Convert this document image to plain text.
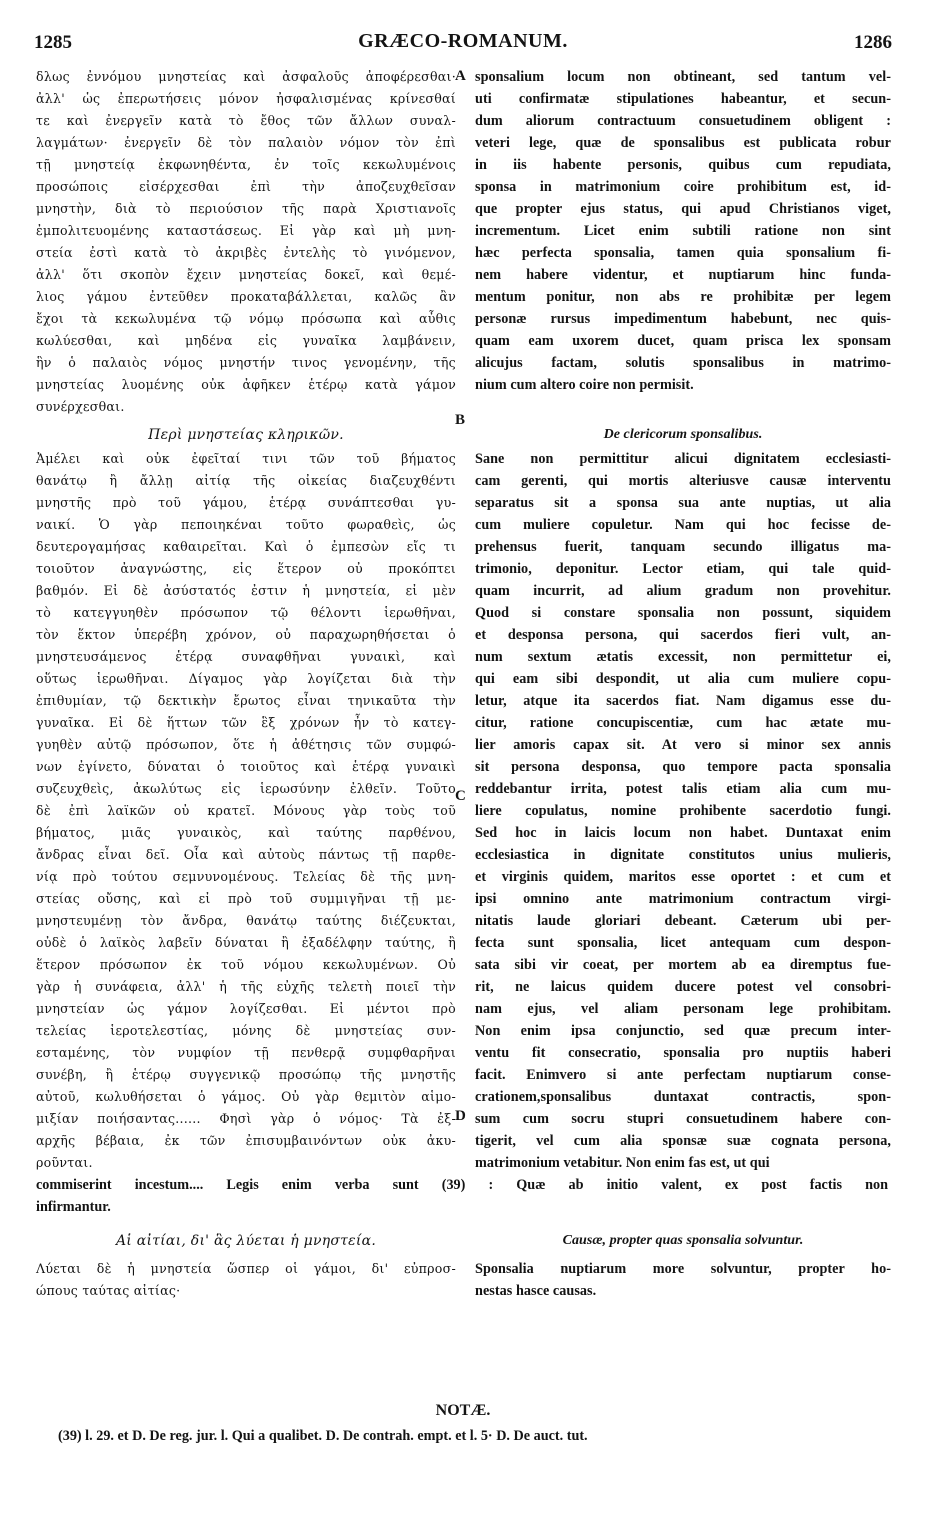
1285	GRÆCO-ROMANUM.	1286
δλως ἐννόμου μνηστείας καὶ ἀσφαλοῦς ἀποφέρεσθαι·
ἀλλ' ὡς ἐπερωτήσεις μόνον ἠσφαλισμένας κρίνεσθαί
τε καὶ ἐνεργεῖν κατὰ τὸ ἔθος τῶν ἄλλων συναλ-
λαγμάτων· ἐνεργεῖν δὲ τὸν παλαιὸν νόμον τὸν ἐπὶ
τῇ μνηστείᾳ ἐκφωνηθέντα, ἐν τοῖς κεκωλυμένοις
προσώποις εἰσέρχεσθαι ἐπὶ τὴν ἀποζευχθεῖσαν
μνηστὴν, διὰ τὸ περιούσιον τῆς παρὰ Χριστιανοῖς
ἐμπολιτευομένης καταστάσεως. Εἰ γὰρ καὶ μὴ μνη-
στεία ἐστὶ κατὰ τὸ ἀκριβὲς ἐντελὴς τὸ γινόμενον,
ἀλλ' ὅτι σκοπὸν ἔχειν μνηστείας δοκεῖ, καὶ θεμέ-
λιος γάμου ἐντεῦθεν προκαταβάλλεται, καλῶς ἂν
ἔχοι τὰ κεκωλυμένα τῷ νόμῳ πρόσωπα καὶ αὖθις
κωλύεσθαι, καὶ μηδένα εἰς γυναῖκα λαμβάνειν,
ἣν ὁ παλαιὸς νόμος μνηστήν τινος γενομένην, τῆς
μνηστείας λυομένης οὐκ ἀφῆκεν ἑτέρῳ κατὰ γάμον
συνέρχεσθαι.
Περὶ μνηστείας κληρικῶν.
Ἀμέλει καὶ οὐκ ἐφεῖταί τινι τῶν τοῦ βήματος
θανάτῳ ἢ ἄλλῃ αἰτίᾳ τῆς οἰκείας διαζευχθέντι
μνηστῆς πρὸ τοῦ γάμου, ἑτέρᾳ συνάπτεσθαι γυ-
ναικί. Ὁ γὰρ πεποιηκέναι τοῦτο φωραθεὶς, ὡς
δευτερογαμήσας καθαιρεῖται. Καὶ ὁ ἐμπεσὼν εἴς τι
τοιοῦτον ἀναγνώστης, εἰς ἕτερον οὐ προκόπτει
βαθμόν. Εἰ δὲ ἀσύστατός ἐστιν ἡ μνηστεία, εἰ μὲν
τὸ κατεγγυηθὲν πρόσωπον τῷ θέλοντι ἱερωθῆναι,
τὸν ἕκτον ὑπερέβη χρόνον, οὐ παραχωρηθήσεται ὁ
μνηστευσάμενος ἑτέρᾳ συναφθῆναι γυναικὶ, καὶ
οὕτως ἱερωθῆναι. Δίγαμος γὰρ λογίζεται διὰ τὴν
ἐπιθυμίαν, τῷ δεκτικὴν ἔρωτος εἶναι τηνικαῦτα τὴν
γυναῖκα. Εἰ δὲ ἥττων τῶν ἓξ χρόνων ἦν τὸ κατεγ-
γυηθὲν αὐτῷ πρόσωπον, ὅτε ἡ ἀθέτησις τῶν συμφώ-
νων ἐγίνετο, δύναται ὁ τοιοῦτος καὶ ἑτέρᾳ γυναικὶ
συζευχθεὶς, ἀκωλύτως εἰς ἱερωσύνην ἐλθεῖν. Τοῦτο
δὲ ἐπὶ λαϊκῶν οὐ κρατεῖ. Μόνους γὰρ τοὺς τοῦ
βήματος, μιᾶς γυναικὸς, καὶ ταύτης παρθένου,
ἄνδρας εἶναι δεῖ. Οἷα καὶ αὐτοὺς πάντως τῇ παρθε-
νίᾳ πρὸ τούτου σεμνυνομένους. Τελείας δὲ τῆς μνη-
στείας οὔσης, καὶ εἰ πρὸ τοῦ συμμιγῆναι τῇ με-
μνηστευμένῃ τὸν ἄνδρα, θανάτῳ ταύτης διέζευκται,
οὐδὲ ὁ λαϊκὸς λαβεῖν δύναται ἢ ἐξαδέλφην ταύτης, ἢ
ἕτερον πρόσωπον ἐκ τοῦ νόμου κεκωλυμένων. Οὐ
γὰρ ἡ συνάφεια, ἀλλ' ἡ τῆς εὐχῆς τελετὴ ποιεῖ τὴν
μνηστείαν ὡς γάμον λογίζεσθαι. Εἰ μέντοι πρὸ
τελείας ἱεροτελεστίας, μόνης δὲ μνηστείας συν-
εσταμένης, τὸν νυμφίον τῇ πενθερᾷ συμφθαρῆναι
συνέβη, ἢ ἑτέρῳ συγγενικῷ προσώπῳ τῆς μνηστῆς
αὐτοῦ, κωλυθήσεται ὁ γάμος. Οὐ γὰρ θεμιτὸν αἱμο-
μιξίαν ποιήσαντας...... Φησὶ γὰρ ὁ νόμος· Τὰ ἐξ-
αρχῆς βέβαια, ἐκ τῶν ἐπισυμβαινόντων οὐκ ἀκυ-
ροῦνται.
sponsalium locum non obtineant, sed tantum vel-
uti confirmatæ stipulationes habeantur, et secun-
dum aliorum contractuum consuetudinem obligent :
veteri lege, quæ de sponsalibus est publicata robur
in iis habente personis, quibus cum repudiata,
sponsa in matrimonium coire prohibitum est, id-
que propter ejus status, qui apud Christianos viget,
incrementum. Licet enim subtili ratione non sint
hæc perfecta sponsalia, tamen quia sponsalium fi-
nem habere videntur, et nuptiarum hinc funda-
mentum ponitur, non abs re prohibitæ per legem
personæ rursus impedimentum habebunt, nec quis-
quam eam uxorem ducet, quam prisca lex sponsam
alicujus factam, solutis sponsalibus in matrimo-
nium cum altero coire non permisit.
De clericorum sponsalibus.
Sane non permittitur alicui dignitatem ecclesiasti-
cam gerenti, qui mortis alteriusve causæ interventu
separatus sit a sponsa sua ante nuptias, ut alia
cum muliere copuletur. Nam qui hoc fecisse de-
prehensus fuerit, tanquam secundo illigatus ma-
trimonio, deponitur. Lector etiam, qui tale quid-
quam incurrit, ad alium gradum non provehitur.
Quod si constare sponsalia non possunt, siquidem
et desponsa persona, qui sacerdos fieri vult, an-
num sextum ætatis excessit, non permittetur ei,
qui eam sibi despondit, ut alia cum muliere copu-
letur, atque ita sacerdos fiat. Nam digamus esse du-
citur, ratione concupiscentiæ, cum hac ætate mu-
lier amoris capax sit. At vero si minor sex annis
sit persona desponsa, quo tempore pacta sponsalia
reddebantur irrita, potest talis etiam alia cum mu-
liere copulatus, nomine prohibente sacerdotio fungi.
Sed hoc in laicis locum non habet. Duntaxat enim
ecclesiastica in dignitate constitutos unius mulieris,
et virginis quidem, maritos esse oportet : et cum et
ipsi omnino ante matrimonium contractum virgi-
nitatis laude gloriari debeant. Cæterum ubi per-
fecta sunt sponsalia, licet antequam cum despon-
sata sibi vir coeat, per mortem ab ea diremptus fue-
rit, ne laicus quidem ducere potest vel consobri-
nam ejus, vel aliam personam lege prohibitam.
Non enim ipsa conjunctio, sed quæ precum inter-
ventu fit consecratio, sponsalia pro nuptiis haberi
facit. Enimvero si ante perfectam nuptiarum conse-
crationem,sponsalibus duntaxat contractis, spon-
sum cum socru stupri consuetudinem habere con-
tigerit, vel cum alia sponsæ suæ cognata persona,
matrimonium vetabitur. Non enim fas est, ut qui
A
B
C
D
commiserint incestum.... Legis enim verba sunt (39) : Quæ ab initio valent, ex post factis non
infirmantur.
Αἱ αἰτίαι, δι' ἃς λύεται ἡ μνηστεία.
Λύεται δὲ ἡ μνηστεία ὥσπερ οἱ γάμοι, δι' εὐπροσ-
ώπους ταύτας αἰτίας·
Causæ, propter quas sponsalia solvuntur.
Sponsalia nuptiarum more solvuntur, propter ho-
nestas hasce causas.
NOTÆ.
(39) l. 29. et D. De reg. jur. l. Qui a qualibet. D. De contrah. empt. et l. 5· D. De auct. tut.
